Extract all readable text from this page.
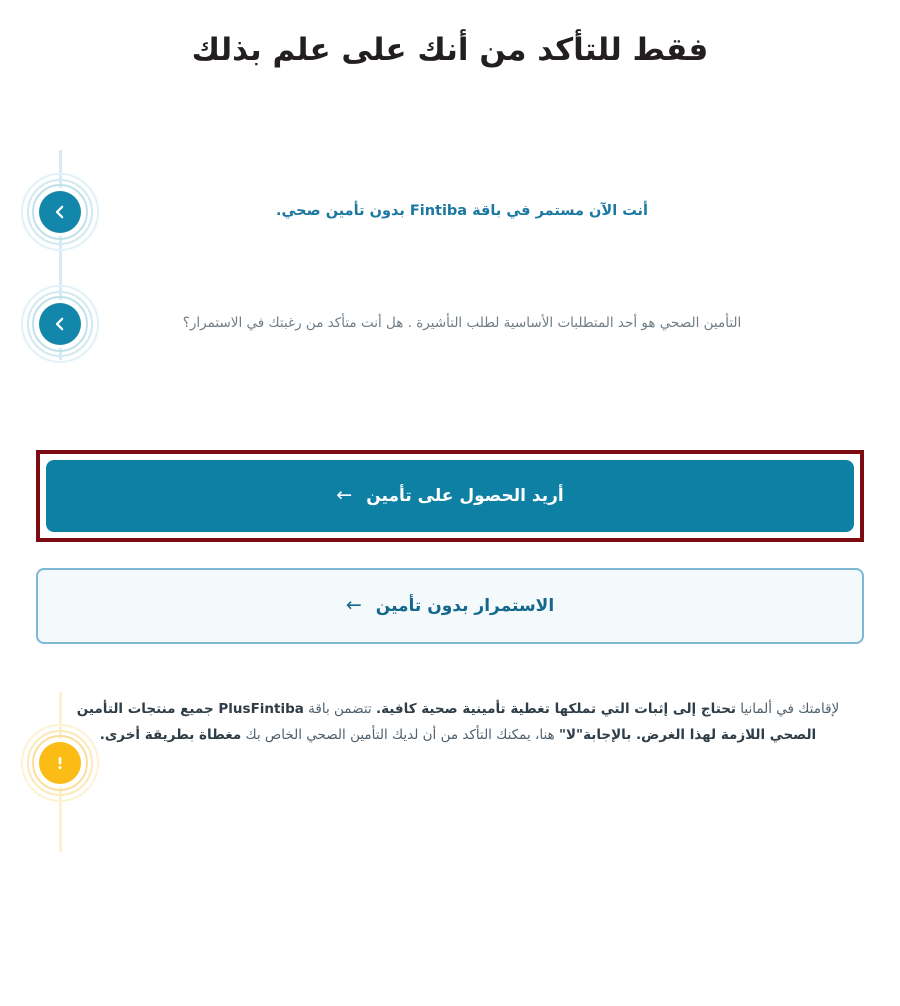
فقط للتأكد من أنك على علم بذلك
أنت الآن مستمر في باقة Fintiba بدون تأمين صحي.
التأمين الصحي هو أحد المتطلبات الأساسية لطلب التأشيرة . هل أنت متأكد من رغبتك في الاستمرار؟
أريد الحصول على تأمين
←
الاستمرار بدون تأمين
←

لإقامتك في ألمانيا تحتاج إلى إثبات التي تملكها تغطية تأمينية صحية كافية. تتضمن باقة FintibaPlus جميع منتجات التأمين الصحي اللازمة لهذا الغرض. بالإجابة"لا" هنا، يمكنك التأكد من أن لديك التأمين الصحي الخاص بك مغطاة بطريقة أخرى.
